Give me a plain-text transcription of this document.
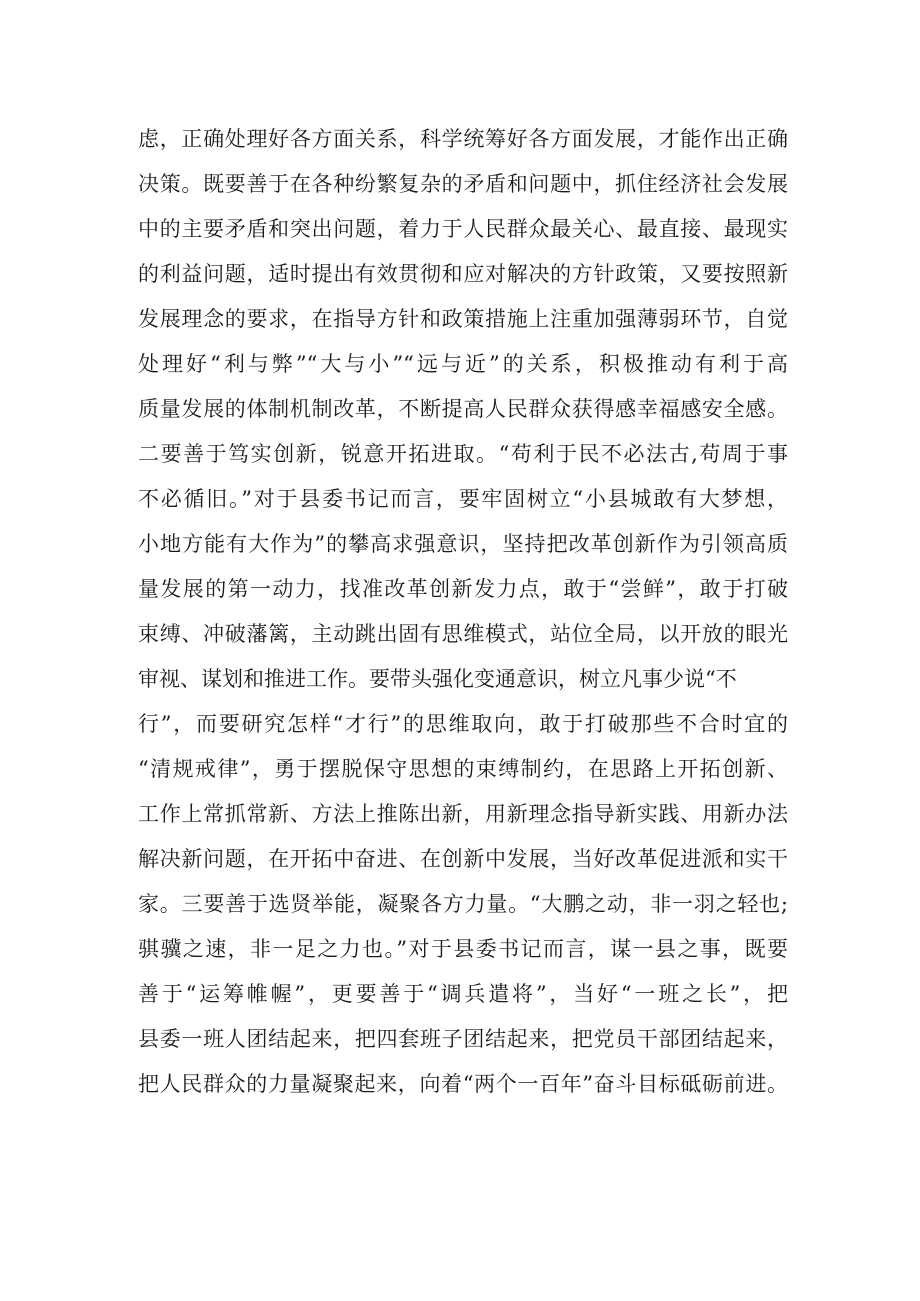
虑，正确处理好各方面关系，科学统筹好各方面发展，才能作出正确
决策。既要善于在各种纷繁复杂的矛盾和问题中，抓住经济社会发展
中的主要矛盾和突出问题，着力于人民群众最关心、最直接、最现实
的利益问题，适时提出有效贯彻和应对解决的方针政策，又要按照新
发展理念的要求，在指导方针和政策措施上注重加强薄弱环节，自觉
处理好“利与弊”“大与小”“远与近”的关系，积极推动有利于高
质量发展的体制机制改革，不断提高人民群众获得感幸福感安全感。
二要善于笃实创新，锐意开拓进取。“苟利于民不必法古,苟周于事
不必循旧。”对于县委书记而言，要牢固树立“小县城敢有大梦想，
小地方能有大作为”的攀高求强意识，坚持把改革创新作为引领高质
量发展的第一动力，找准改革创新发力点，敢于“尝鲜”，敢于打破
束缚、冲破藩篱，主动跳出固有思维模式，站位全局，以开放的眼光
审视、谋划和推进工作。要带头强化变通意识，树立凡事少说“不
行”，而要研究怎样“才行”的思维取向，敢于打破那些不合时宜的
“清规戒律”，勇于摆脱保守思想的束缚制约，在思路上开拓创新、
工作上常抓常新、方法上推陈出新，用新理念指导新实践、用新办法
解决新问题，在开拓中奋进、在创新中发展，当好改革促进派和实干
家。三要善于选贤举能，凝聚各方力量。“大鹏之动，非一羽之轻也;
骐骥之速，非一足之力也。”对于县委书记而言，谋一县之事，既要
善于“运筹帷幄”，更要善于“调兵遣将”，当好“一班之长”，把
县委一班人团结起来，把四套班子团结起来，把党员干部团结起来，
把人民群众的力量凝聚起来，向着“两个一百年”奋斗目标砥砺前进。
